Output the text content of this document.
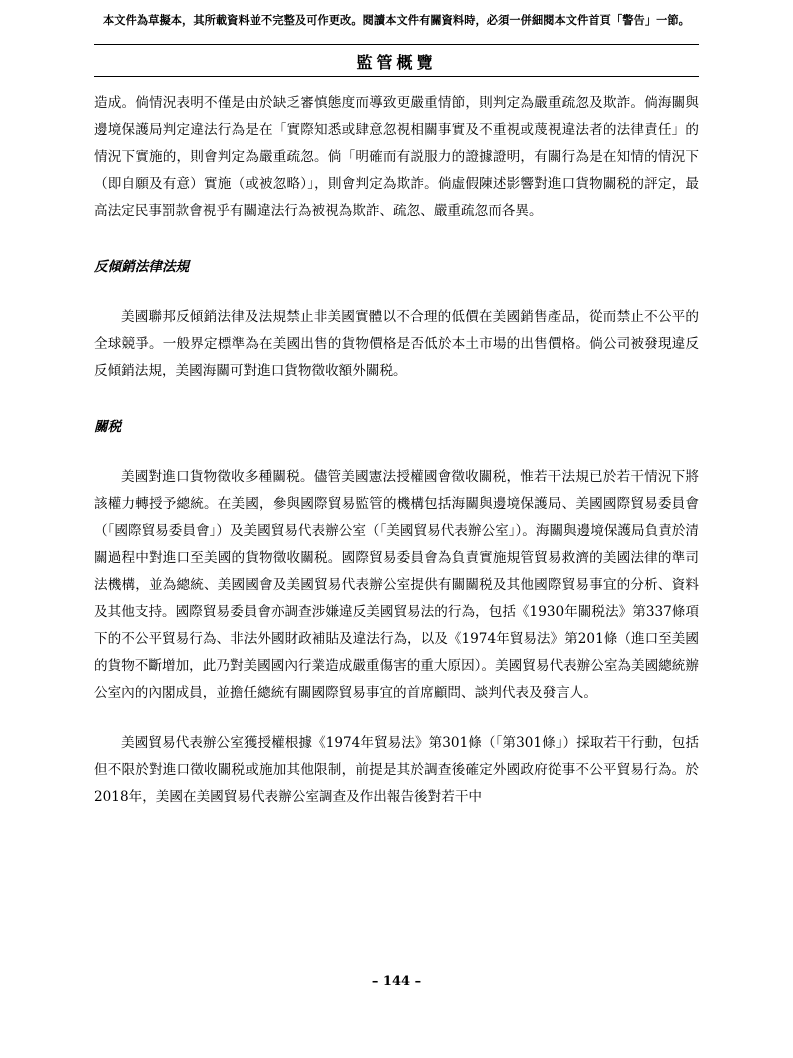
本文件為草擬本，其所載資料並不完整及可作更改。閱讀本文件有關資料時，必須一併細閱本文件首頁「警告」一節。
監管概覽

造成。倘情況表明不僅是由於缺乏審慎態度而導致更嚴重情節，則判定為嚴重疏忽及欺詐。倘海關與邊境保護局判定違法行為是在「實際知悉或肆意忽視相關事實及不重視或蔑視違法者的法律責任」的情況下實施的，則會判定為嚴重疏忽。倘「明確而有説服力的證據證明，有關行為是在知情的情況下（即自願及有意）實施（或被忽略）」，則會判定為欺詐。倘虛假陳述影響對進口貨物關税的評定，最高法定民事罰款會視乎有關違法行為被視為欺詐、疏忽、嚴重疏忽而各異。

反傾銷法律法規

美國聯邦反傾銷法律及法規禁止非美國實體以不合理的低價在美國銷售產品，從而禁止不公平的全球競爭。一般界定標準為在美國出售的貨物價格是否低於本土市場的出售價格。倘公司被發現違反反傾銷法規，美國海關可對進口貨物徵收額外關税。

關税

美國對進口貨物徵收多種關税。儘管美國憲法授權國會徵收關税，惟若干法規已於若干情況下將該權力轉授予總統。在美國，參與國際貿易監管的機構包括海關與邊境保護局、美國國際貿易委員會（「國際貿易委員會」）及美國貿易代表辦公室（「美國貿易代表辦公室」）。海關與邊境保護局負責於清關過程中對進口至美國的貨物徵收關税。國際貿易委員會為負責實施規管貿易救濟的美國法律的準司法機構，並為總統、美國國會及美國貿易代表辦公室提供有關關税及其他國際貿易事宜的分析、資料及其他支持。國際貿易委員會亦調查涉嫌違反美國貿易法的行為，包括《1930年關税法》第337條項下的不公平貿易行為、非法外國財政補貼及違法行為，以及《1974年貿易法》第201條（進口至美國的貨物不斷增加，此乃對美國國內行業造成嚴重傷害的重大原因）。美國貿易代表辦公室為美國總統辦公室內的內閣成員，並擔任總統有關國際貿易事宜的首席顧問、談判代表及發言人。

美國貿易代表辦公室獲授權根據《1974年貿易法》第301條（「第301條」）採取若干行動，包括但不限於對進口徵收關税或施加其他限制，前提是其於調查後確定外國政府從事不公平貿易行為。於2018年，美國在美國貿易代表辦公室調查及作出報告後對若干中

– 144 –
